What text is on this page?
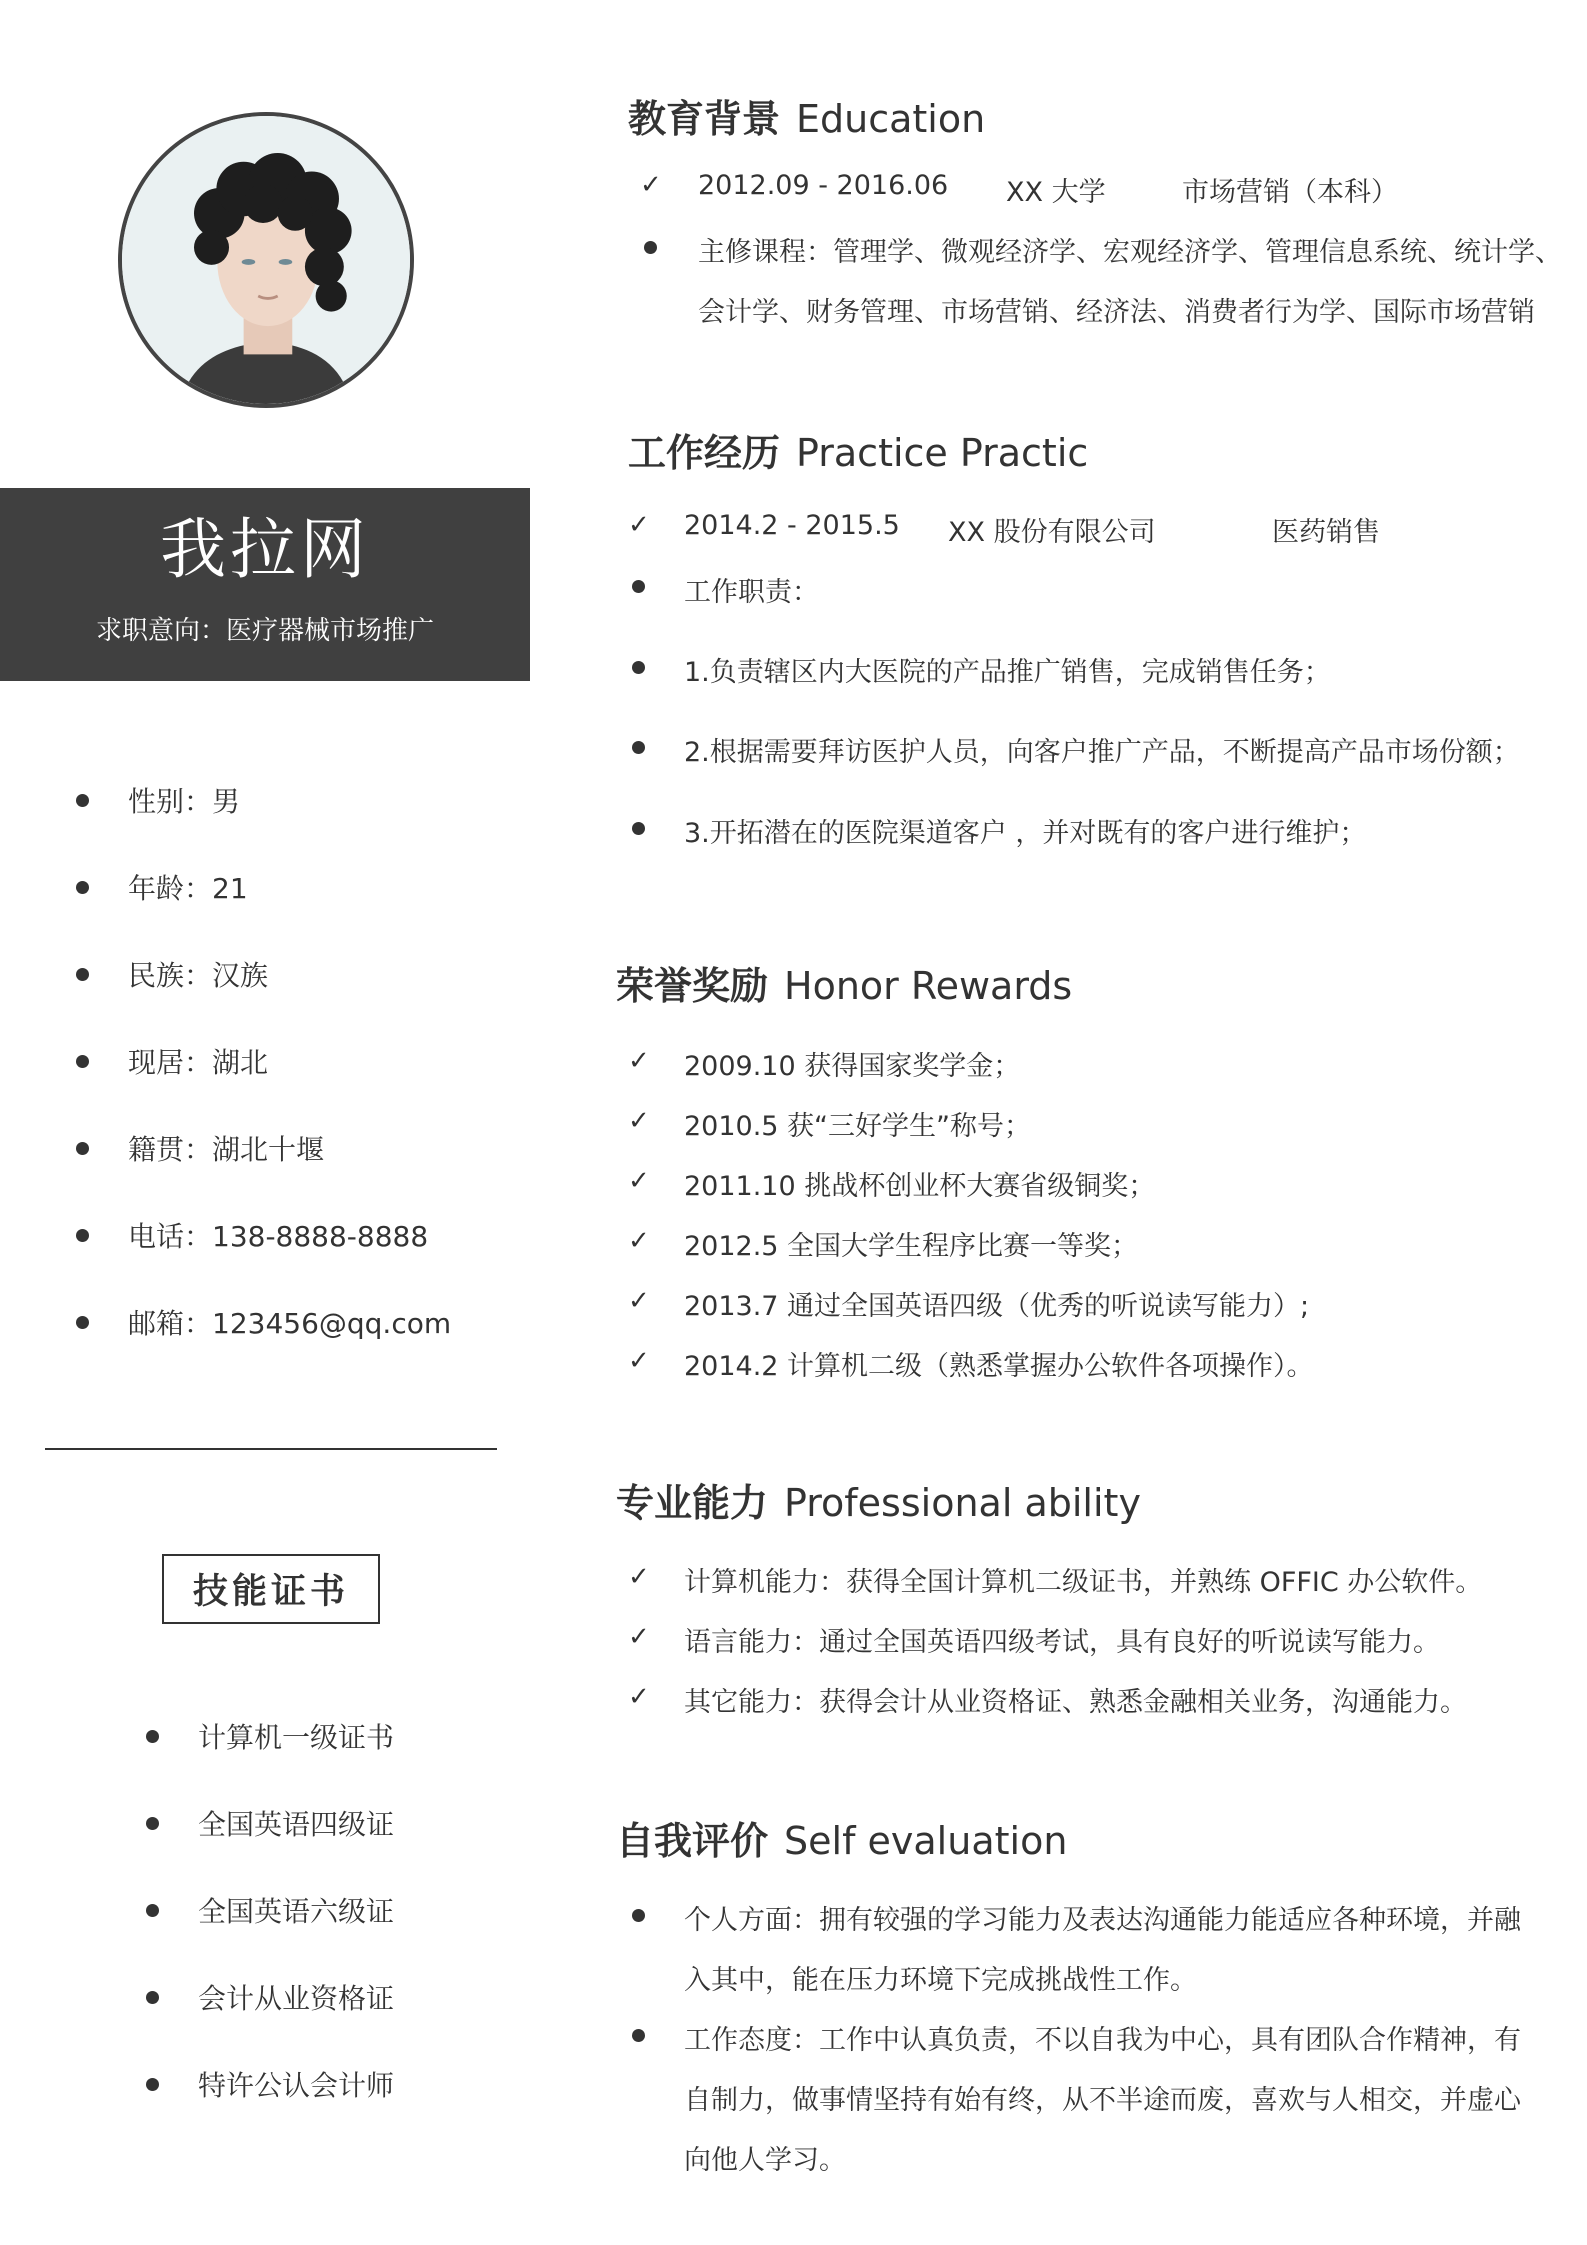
我拉网
求职意向：医疗器械市场推广
性别：男
年龄：21
民族：汉族
现居：湖北
籍贯：湖北十堰
电话：138-8888-8888
邮箱：123456@qq.com
技能证书
计算机一级证书
全国英语四级证
全国英语六级证
会计从业资格证
特许公认会计师
教育背景 Education
✓ 2012.09 - 2016.06 XX 大学	市场营销（本科）
主修课程：管理学、微观经济学、宏观经济学、管理信息系统、统计学、
会计学、财务管理、市场营销、经济法、消费者行为学、国际市场营销
工作经历 Practice Practic
✓ 2014.2 - 2015.5 XX 股份有限公司	医药销售
工作职责：
1.负责辖区内大医院的产品推广销售，完成销售任务；
2.根据需要拜访医护人员，向客户推广产品，不断提高产品市场份额；
3.开拓潜在的医院渠道客户 ，并对既有的客户进行维护；
荣誉奖励 Honor Rewards
✓ 2009.10 获得国家奖学金；
✓ 2010.5 获“三好学生”称号；
✓ 2011.10 挑战杯创业杯大赛省级铜奖；
✓ 2012.5 全国大学生程序比赛一等奖；
✓ 2013.7 通过全国英语四级（优秀的听说读写能力）;
✓ 2014.2 计算机二级（熟悉掌握办公软件各项操作）。
专业能力 Professional ability
✓ 计算机能力：获得全国计算机二级证书，并熟练 OFFIC 办公软件。
✓ 语言能力：通过全国英语四级考试，具有良好的听说读写能力。
✓ 其它能力：获得会计从业资格证、熟悉金融相关业务，沟通能力。
自我评价 Self evaluation
个人方面：拥有较强的学习能力及表达沟通能力能适应各种环境，并融
入其中，能在压力环境下完成挑战性工作。
工作态度：工作中认真负责，不以自我为中心，具有团队合作精神，有
自制力，做事情坚持有始有终，从不半途而废，喜欢与人相交，并虚心
向他人学习。
